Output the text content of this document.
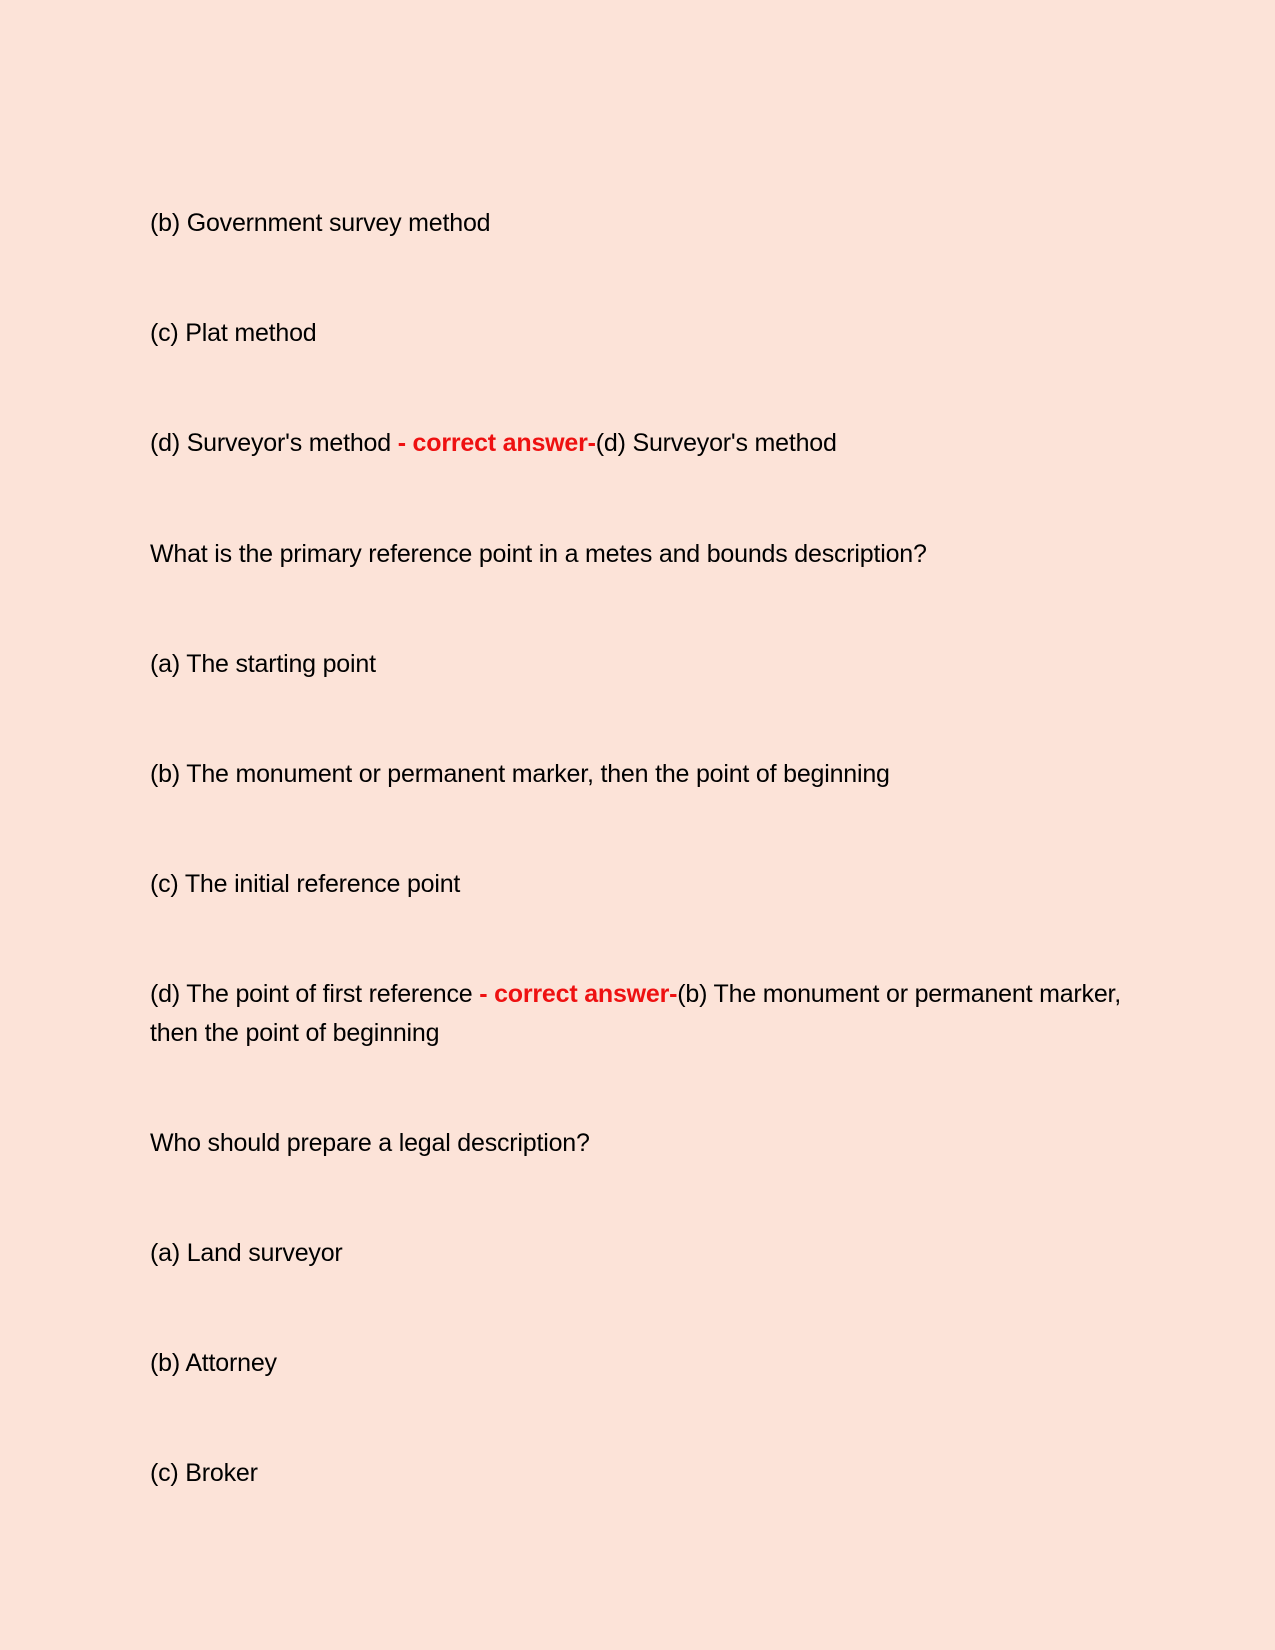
(b) Government survey method

(c) Plat method

(d) Surveyor's method - correct answer-(d) Surveyor's method

What is the primary reference point in a metes and bounds description?

(a) The starting point

(b) The monument or permanent marker, then the point of beginning

(c) The initial reference point

(d) The point of first reference - correct answer-(b) The monument or permanent marker, then the point of beginning

Who should prepare a legal description?

(a) Land surveyor

(b) Attorney

(c) Broker
